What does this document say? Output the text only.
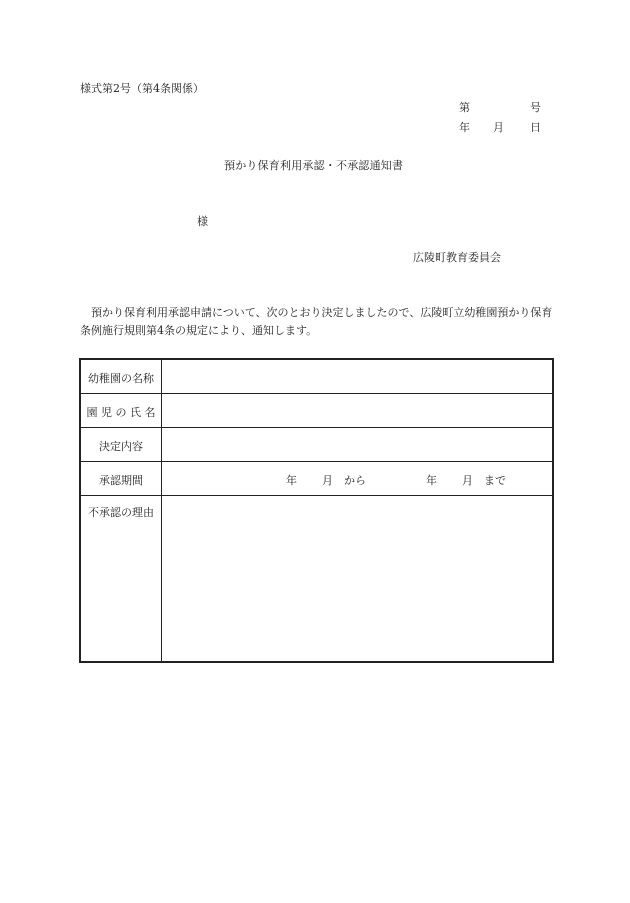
様式第2号（第4条関係）
第	号
年 月 日
預かり保育利用承認・不承認通知書
様
広陵町教育委員会
預かり保育利用承認申請について、次のとおり決定しましたので、広陵町立幼稚園預かり保育条例施行規則第4条の規定により、通知します。
幼稚園の名称
園 児 の 氏 名
決定内容
承認期間
不承認の理由
年 月 から	年 月 まで
